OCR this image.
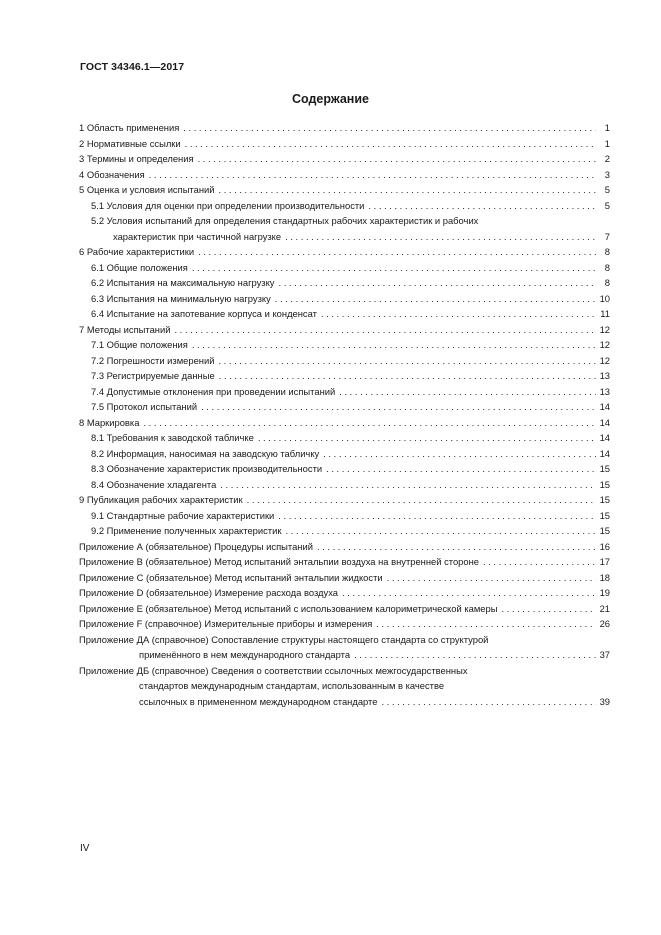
ГОСТ 34346.1—2017
Содержание
1 Область применения . . .	1
2 Нормативные ссылки . . .	1
3 Термины и определения . . .	2
4 Обозначения . . .	3
5 Оценка и условия испытаний . . .	5
5.1 Условия для оценки при определении производительности . . .	5
5.2 Условия испытаний для определения стандартных рабочих характеристик и рабочих
характеристик при частичной нагрузке . . .	7
6 Рабочие характеристики . . .	8
6.1 Общие положения . . .	8
6.2 Испытания на максимальную нагрузку . . .	8
6.3 Испытания на минимальную нагрузку . . .	10
6.4 Испытание на запотевание корпуса и конденсат . . .	11
7 Методы испытаний . . .	12
7.1 Общие положения . . .	12
7.2 Погрешности измерений . . .	12
7.3 Регистрируемые данные . . .	13
7.4 Допустимые отклонения при проведении испытаний . . .	13
7.5 Протокол испытаний . . .	14
8 Маркировка . . .	14
8.1 Требования к заводской табличке . . .	14
8.2 Информация, наносимая на заводскую табличку . . .	14
8.3 Обозначение характеристик производительности . . .	15
8.4 Обозначение хладагента . . .	15
9 Публикация рабочих характеристик . . .	15
9.1 Стандартные рабочие характеристики . . .	15
9.2 Применение полученных характеристик . . .	15
Приложение А (обязательное) Процедуры испытаний . . .	16
Приложение В (обязательное) Метод испытаний энтальпии воздуха на внутренней стороне . . .	17
Приложение С (обязательное) Метод испытаний энтальпии жидкости . . .	18
Приложение D (обязательное) Измерение расхода воздуха . . .	19
Приложение Е (обязательное) Метод испытаний с использованием калориметрической камеры . . .	21
Приложение F (справочное) Измерительные приборы и измерения . . .	26
Приложение ДА (справочное) Сопоставление структуры настоящего стандарта со структурой
применённого в нем международного стандарта . . .	37
Приложение ДБ (справочное) Сведения о соответствии ссылочных межгосударственных
стандартов международным стандартам, использованным в качестве
ссылочных в примененном международном стандарте . . .	39
IV
